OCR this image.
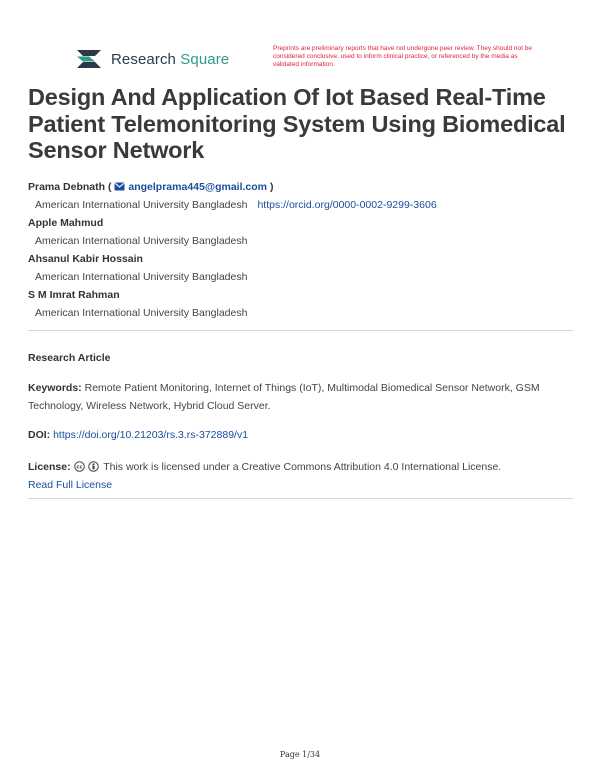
Research Square
Preprints are preliminary reports that have not undergone peer review. They should not be considered conclusive, used to inform clinical practice, or referenced by the media as validated information.
Design And Application Of Iot Based Real-Time Patient Telemonitoring System Using Biomedical Sensor Network
Prama Debnath ( angelprama445@gmail.com )
American International University Bangladesh https://orcid.org/0000-0002-9299-3606
Apple Mahmud
American International University Bangladesh
Ahsanul Kabir Hossain
American International University Bangladesh
S M Imrat Rahman
American International University Bangladesh
Research Article
Keywords: Remote Patient Monitoring, Internet of Things (IoT), Multimodal Biomedical Sensor Network, GSM Technology, Wireless Network, Hybrid Cloud Server.
DOI: https://doi.org/10.21203/rs.3.rs-372889/v1
License: cc This work is licensed under a Creative Commons Attribution 4.0 International License.
Read Full License
Page 1/34
